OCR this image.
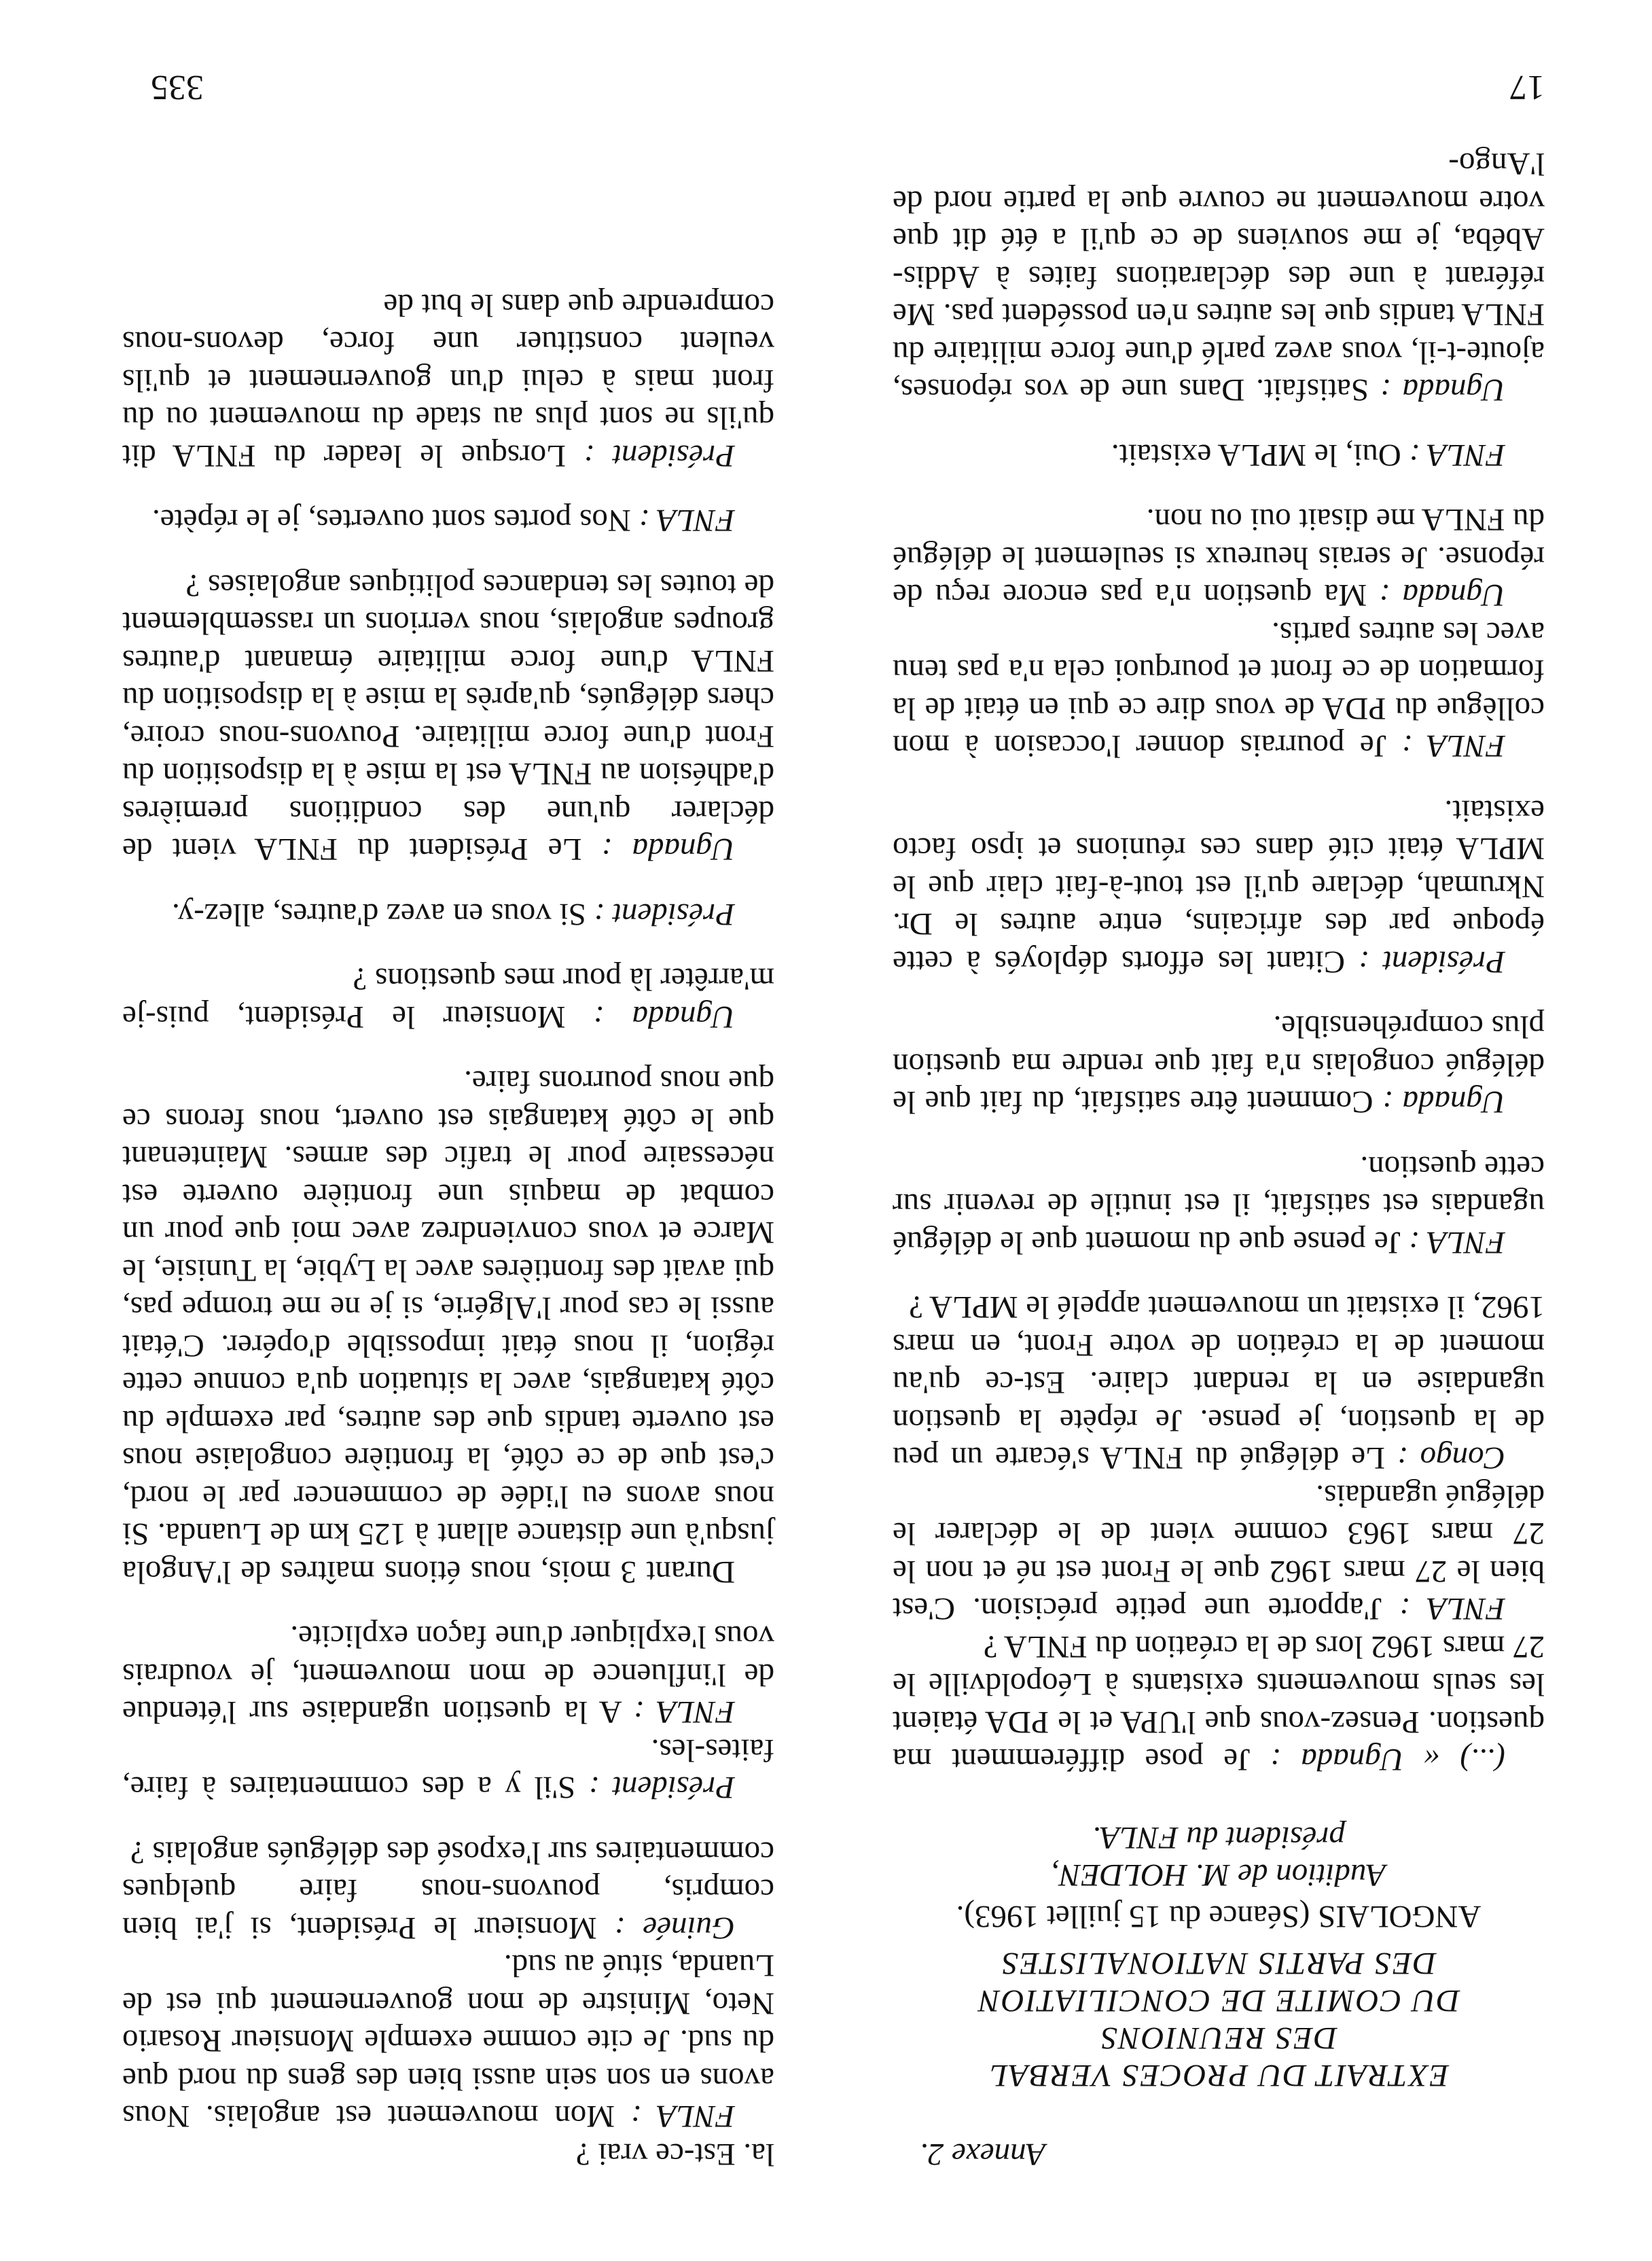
Annexe 2.
EXTRAIT DU PROCES VERBAL
DES REUNIONS
DU COMITE DE CONCILIATION
DES PARTIS NATIONALISTES
ANGOLAIS (Séance du 15 juillet 1963).
Audition de M. HOLDEN,
président du FNLA.

(...) « Ugnada : Je pose différemment ma question. Pensez-vous que l'UPA et le PDA étaient les seuls mouvements existants à Léopoldville le 27 mars 1962 lors de la création du FNLA ?

FNLA : J'apporte une petite précision. C'est bien le 27 mars 1962 que le Front est né et non le 27 mars 1963 comme vient de le déclarer le délégué ugandais.

Congo : Le délégué du FNLA s'écarte un peu de la question, je pense. Je répète la question ugandaise en la rendant claire. Est-ce qu'au moment de la création de votre Front, en mars 1962, il existait un mouvement appelé le MPLA ?

FNLA : Je pense que du moment que le délégué ugandais est satisfait, il est inutile de revenir sur cette question.

Ugnada : Comment être satisfait, du fait que le délégué congolais n'a fait que rendre ma question plus compréhensible.

Président : Citant les efforts déployés à cette époque par des africains, entre autres le Dr. Nkrumah, déclare qu'il est tout-à-fait clair que le MPLA était cité dans ces réunions et ipso facto existait.

FNLA : Je pourrais donner l'occasion à mon collègue du PDA de vous dire ce qui en était de la formation de ce front et pourquoi cela n'a pas tenu avec les autres partis.

Ugnada : Ma question n'a pas encore reçu de réponse. Je serais heureux si seulement le délégué du FNLA me disait oui ou non.

FNLA : Oui, le MPLA existait.

Ugnada : Satisfait. Dans une de vos réponses, ajoute-t-il, vous avez parlé d'une force militaire du FNLA tandis que les autres n'en possédent pas. Me référant à une des déclarations faites à Addis-Abéba, je me souviens de ce qu'il a été dit que votre mouvement ne couvre que la partie nord de l'Ango-

la. Est-ce vrai ?

FNLA : Mon mouvement est angolais. Nous avons en son sein aussi bien des gens du nord que du sud. Je cite comme exemple Monsieur Rosario Neto, Ministre de mon gouvernement qui est de Luanda, situé au sud.

Guinée : Monsieur le Président, si j'ai bien compris, pouvons-nous faire quelques commentaires sur l'exposé des délégués angolais ?

Président : S'il y a des commentaires à faire, faites-les.

FNLA : A la question ugandaise sur l'étendue de l'influence de mon mouvement, je voudrais vous l'expliquer d'une façon explicite.

Durant 3 mois, nous étions maîtres de l'Angola jusqu'à une distance allant à 125 km de Luanda. Si nous avons eu l'idée de commencer par le nord, c'est que de ce côté, la frontière congolaise nous est ouverte tandis que des autres, par exemple du côté katangais, avec la situation qu'a connue cette région, il nous était impossible d'opérer. C'était aussi le cas pour l'Algérie, si je ne me trompe pas, qui avait des frontières avec la Lybie, la Tunisie, le Marce et vous conviendrez avec moi que pour un combat de maquis une frontière ouverte est nécessaire pour le trafic des armes. Maintenant que le côté katangais est ouvert, nous ferons ce que nous pourrons faire.

Ugnada : Monsieur le Président, puis-je m'arrêter là pour mes questions ?

Président : Si vous en avez d'autres, allez-y.

Ugnada : Le Président du FNLA vient de déclarer qu'une des conditions premières d'adhésion au FNLA est la mise à la disposition du Front d'une force militaire. Pouvons-nous croire, chers délégués, qu'après la mise à la disposition du FNLA d'une force militaire émanant d'autres groupes angolais, nous verrions un rassemblement de toutes les tendances politiques angolaises ?

FNLA : Nos portes sont ouvertes, je le répète.

Président : Lorsque le leader du FNLA dit qu'ils ne sont plus au stade du mouvement ou du front mais à celui d'un gouvernement et qu'ils veulent constituer une force, devons-nous comprendre que dans le but de

17
335
